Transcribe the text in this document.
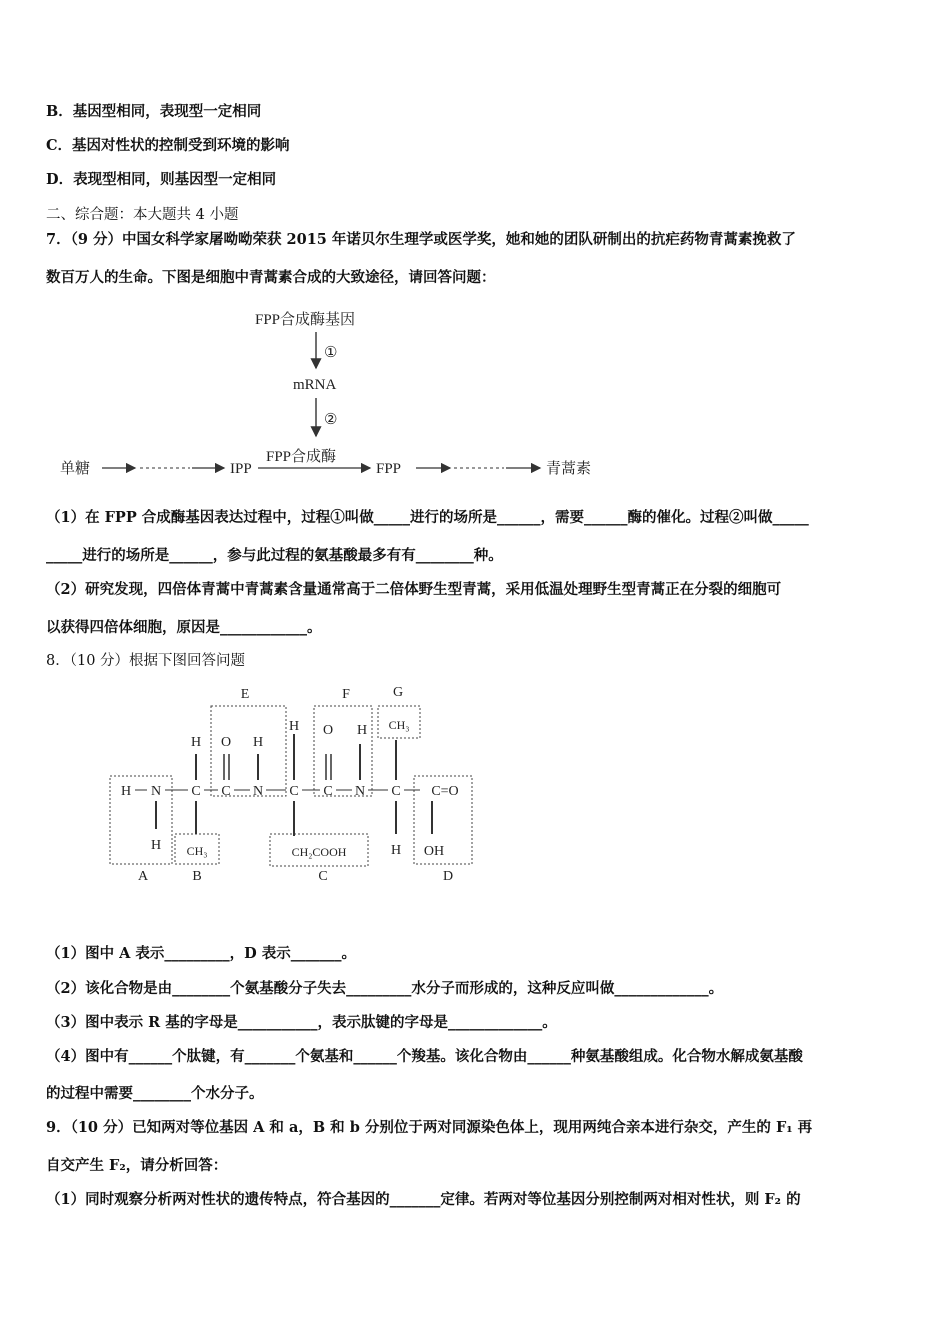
B．基因型相同，表现型一定相同
C．基因对性状的控制受到环境的影响
D．表现型相同，则基因型一定相同
二、综合题：本大题共 4 小题
7．（9 分）中国女科学家屠呦呦荣获 2015 年诺贝尔生理学或医学奖，她和她的团队研制出的抗疟药物青蒿素挽救了
数百万人的生命。下图是细胞中青蒿素合成的大致途径，请回答问题：
FPP合成酶基因
①
mRNA
②
FPP合成酶
单糖	IPP	FPP	青蒿素
（1）在 FPP 合成酶基因表达过程中，过程①叫做_____进行的场所是______，需要______酶的催化。过程②叫做_____
_____进行的场所是______，参与此过程的氨基酸最多有有________种。
（2）研究发现，四倍体青蒿中青蒿素含量通常高于二倍体野生型青蒿，采用低温处理野生型青蒿正在分裂的细胞可
以获得四倍体细胞，原因是____________。
8．（10 分）根据下图回答问题
E	F	G
A	B	C	D
H N
H
C
H
CH₃
C
O
N
H
C
H
CH₂COOH
C
O
N
H
C
CH₃
H
C=O
OH
（1）图中 A 表示_________，D 表示_______。
（2）该化合物是由________个氨基酸分子失去_________水分子而形成的，这种反应叫做_____________。
（3）图中表示 R 基的字母是___________，表示肽键的字母是_____________。
（4）图中有______个肽键，有_______个氨基和______个羧基。该化合物由______种氨基酸组成。化合物水解成氨基酸
的过程中需要________个水分子。
9．（10 分）已知两对等位基因 A 和 a，B 和 b 分别位于两对同源染色体上，现用两纯合亲本进行杂交，产生的 F₁ 再
自交产生 F₂，请分析回答：
（1）同时观察分析两对性状的遗传特点，符合基因的_______定律。若两对等位基因分别控制两对相对性状，则 F₂ 的
